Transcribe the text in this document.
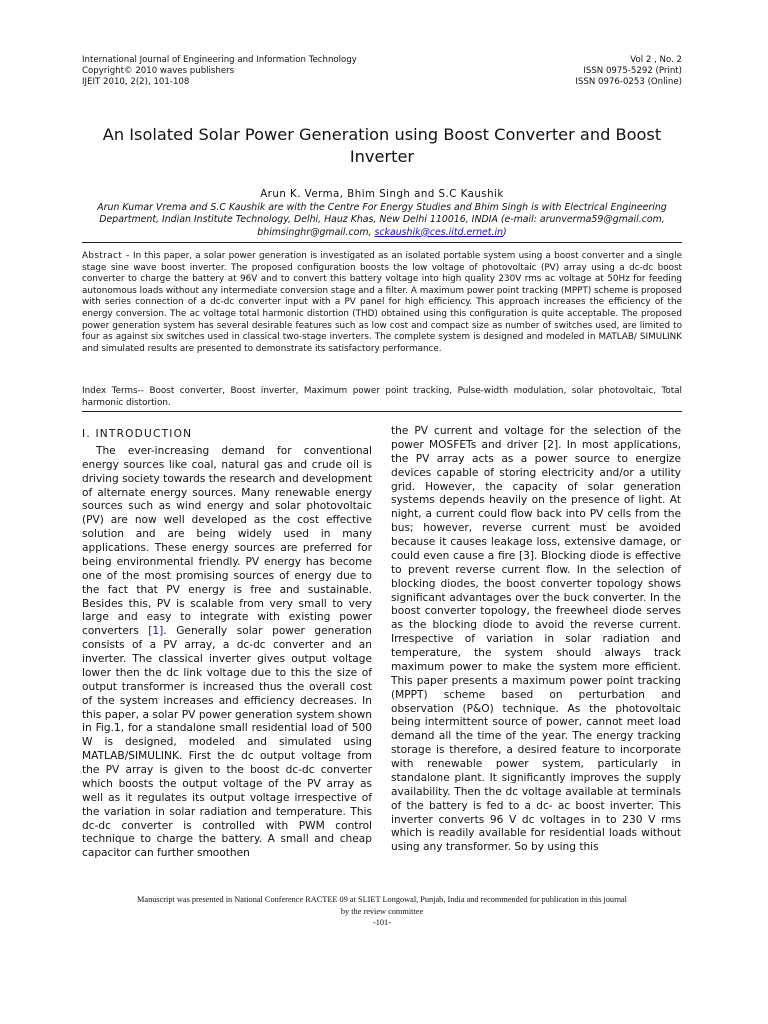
International Journal of Engineering and Information Technology
Copyright© 2010 waves publishers
IJEIT 2010, 2(2), 101-108
Vol 2 , No. 2
ISSN 0975-5292 (Print)
ISSN 0976-0253 (Online)
An Isolated Solar Power Generation using Boost Converter and Boost Inverter
Arun K. Verma, Bhim Singh and S.C Kaushik
Arun Kumar Vrema and S.C Kaushik are with the Centre For Energy Studies and Bhim Singh is with Electrical Engineering Department, Indian Institute Technology, Delhi, Hauz Khas, New Delhi 110016, INDIA (e-mail: arunverma59@gmail.com, bhimsinghr@gmail.com, sckaushik@ces.iitd.ernet.in)
Abstract – In this paper, a solar power generation is investigated as an isolated portable system using a boost converter and a single stage sine wave boost inverter. The proposed configuration boosts the low voltage of photovoltaic (PV) array using a dc-dc boost converter to charge the battery at 96V and to convert this battery voltage into high quality 230V rms ac voltage at 50Hz for feeding autonomous loads without any intermediate conversion stage and a filter. A maximum power point tracking (MPPT) scheme is proposed with series connection of a dc-dc converter input with a PV panel for high efficiency. This approach increases the efficiency of the energy conversion. The ac voltage total harmonic distortion (THD) obtained using this configuration is quite acceptable. The proposed power generation system has several desirable features such as low cost and compact size as number of switches used, are limited to four as against six switches used in classical two-stage inverters. The complete system is designed and modeled in MATLAB/ SIMULINK and simulated results are presented to demonstrate its satisfactory performance.
Index Terms-- Boost converter, Boost inverter, Maximum power point tracking, Pulse-width modulation, solar photovoltaic, Total harmonic distortion.
I. INTRODUCTION
The ever-increasing demand for conventional energy sources like coal, natural gas and crude oil is driving society towards the research and development of alternate energy sources. Many renewable energy sources such as wind energy and solar photovoltaic (PV) are now well developed as the cost effective solution and are being widely used in many applications. These energy sources are preferred for being environmental friendly. PV energy has become one of the most promising sources of energy due to the fact that PV energy is free and sustainable. Besides this, PV is scalable from very small to very large and easy to integrate with existing power converters [1]. Generally solar power generation consists of a PV array, a dc-dc converter and an inverter. The classical inverter gives output voltage lower then the dc link voltage due to this the size of output transformer is increased thus the overall cost of the system increases and efficiency decreases. In this paper, a solar PV power generation system shown in Fig.1, for a standalone small residential load of 500 W is designed, modeled and simulated using MATLAB/SIMULINK. First the dc output voltage from the PV array is given to the boost dc-dc converter which boosts the output voltage of the PV array as well as it regulates its output voltage irrespective of the variation in solar radiation and temperature. This dc-dc converter is controlled with PWM control technique to charge the battery. A small and cheap capacitor can further smoothen
the PV current and voltage for the selection of the power MOSFETs and driver [2]. In most applications, the PV array acts as a power source to energize devices capable of storing electricity and/or a utility grid. However, the capacity of solar generation systems depends heavily on the presence of light. At night, a current could flow back into PV cells from the bus; however, reverse current must be avoided because it causes leakage loss, extensive damage, or could even cause a fire [3]. Blocking diode is effective to prevent reverse current flow. In the selection of blocking diodes, the boost converter topology shows significant advantages over the buck converter. In the boost converter topology, the freewheel diode serves as the blocking diode to avoid the reverse current. Irrespective of variation in solar radiation and temperature, the system should always track maximum power to make the system more efficient. This paper presents a maximum power point tracking (MPPT) scheme based on perturbation and observation (P&O) technique. As the photovoltaic being intermittent source of power, cannot meet load demand all the time of the year. The energy tracking storage is therefore, a desired feature to incorporate with renewable power system, particularly in standalone plant. It significantly improves the supply availability. Then the dc voltage available at terminals of the battery is fed to a dc- ac boost inverter. This inverter converts 96 V dc voltages in to 230 V rms which is readily available for residential loads without using any transformer. So by using this
Manuscript was presented in National Conference RACTEE 09 at SLIET Longowal, Punjab, India and recommended for publication in this journal
by the review committee
-101-
